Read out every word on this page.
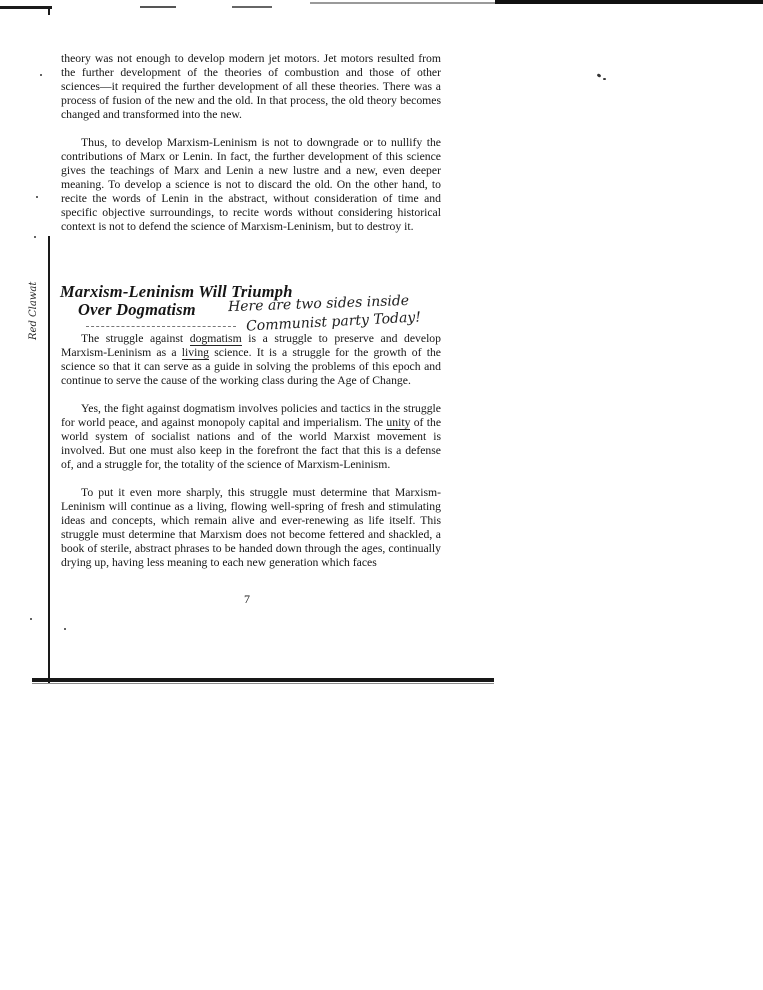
theory was not enough to develop modern jet motors. Jet motors resulted from the further development of the theories of combustion and those of other sciences—it required the further development of all these theories. There was a process of fusion of the new and the old. In that process, the old theory becomes changed and transformed into the new.

Thus, to develop Marxism-Leninism is not to downgrade or to nullify the contributions of Marx or Lenin. In fact, the further development of this science gives the teachings of Marx and Lenin a new lustre and a new, even deeper meaning. To develop a science is not to discard the old. On the other hand, to recite the words of Lenin in the abstract, without consideration of time and specific objective surroundings, to recite words without considering historical context is not to defend the science of Marxism-Leninism, but to destroy it.

Marxism-Leninism Will Triumph
Over Dogmatism Here are two sides inside
Communist party Today!
Red Clawat	The struggle against dogmatism is a struggle to preserve and develop Marxism-Leninism as a living science. It is a struggle for the growth of the science so that it can serve as a guide in solving the problems of this epoch and continue to serve the cause of the working class during the Age of Change.

Yes, the fight against dogmatism involves policies and tactics in the struggle for world peace, and against monopoly capital and imperialism. The unity of the world system of socialist nations and of the world Marxist movement is involved. But one must also keep in the forefront the fact that this is a defense of, and a struggle for, the totality of the science of Marxism-Leninism.

To put it even more sharply, this struggle must determine that Marxism-Leninism will continue as a living, flowing well-spring of fresh and stimulating ideas and concepts, which remain alive and ever-renewing as life itself. This struggle must determine that Marxism does not become fettered and shackled, a book of sterile, abstract phrases to be handed down through the ages, continually drying up, having less meaning to each new generation which faces

7
